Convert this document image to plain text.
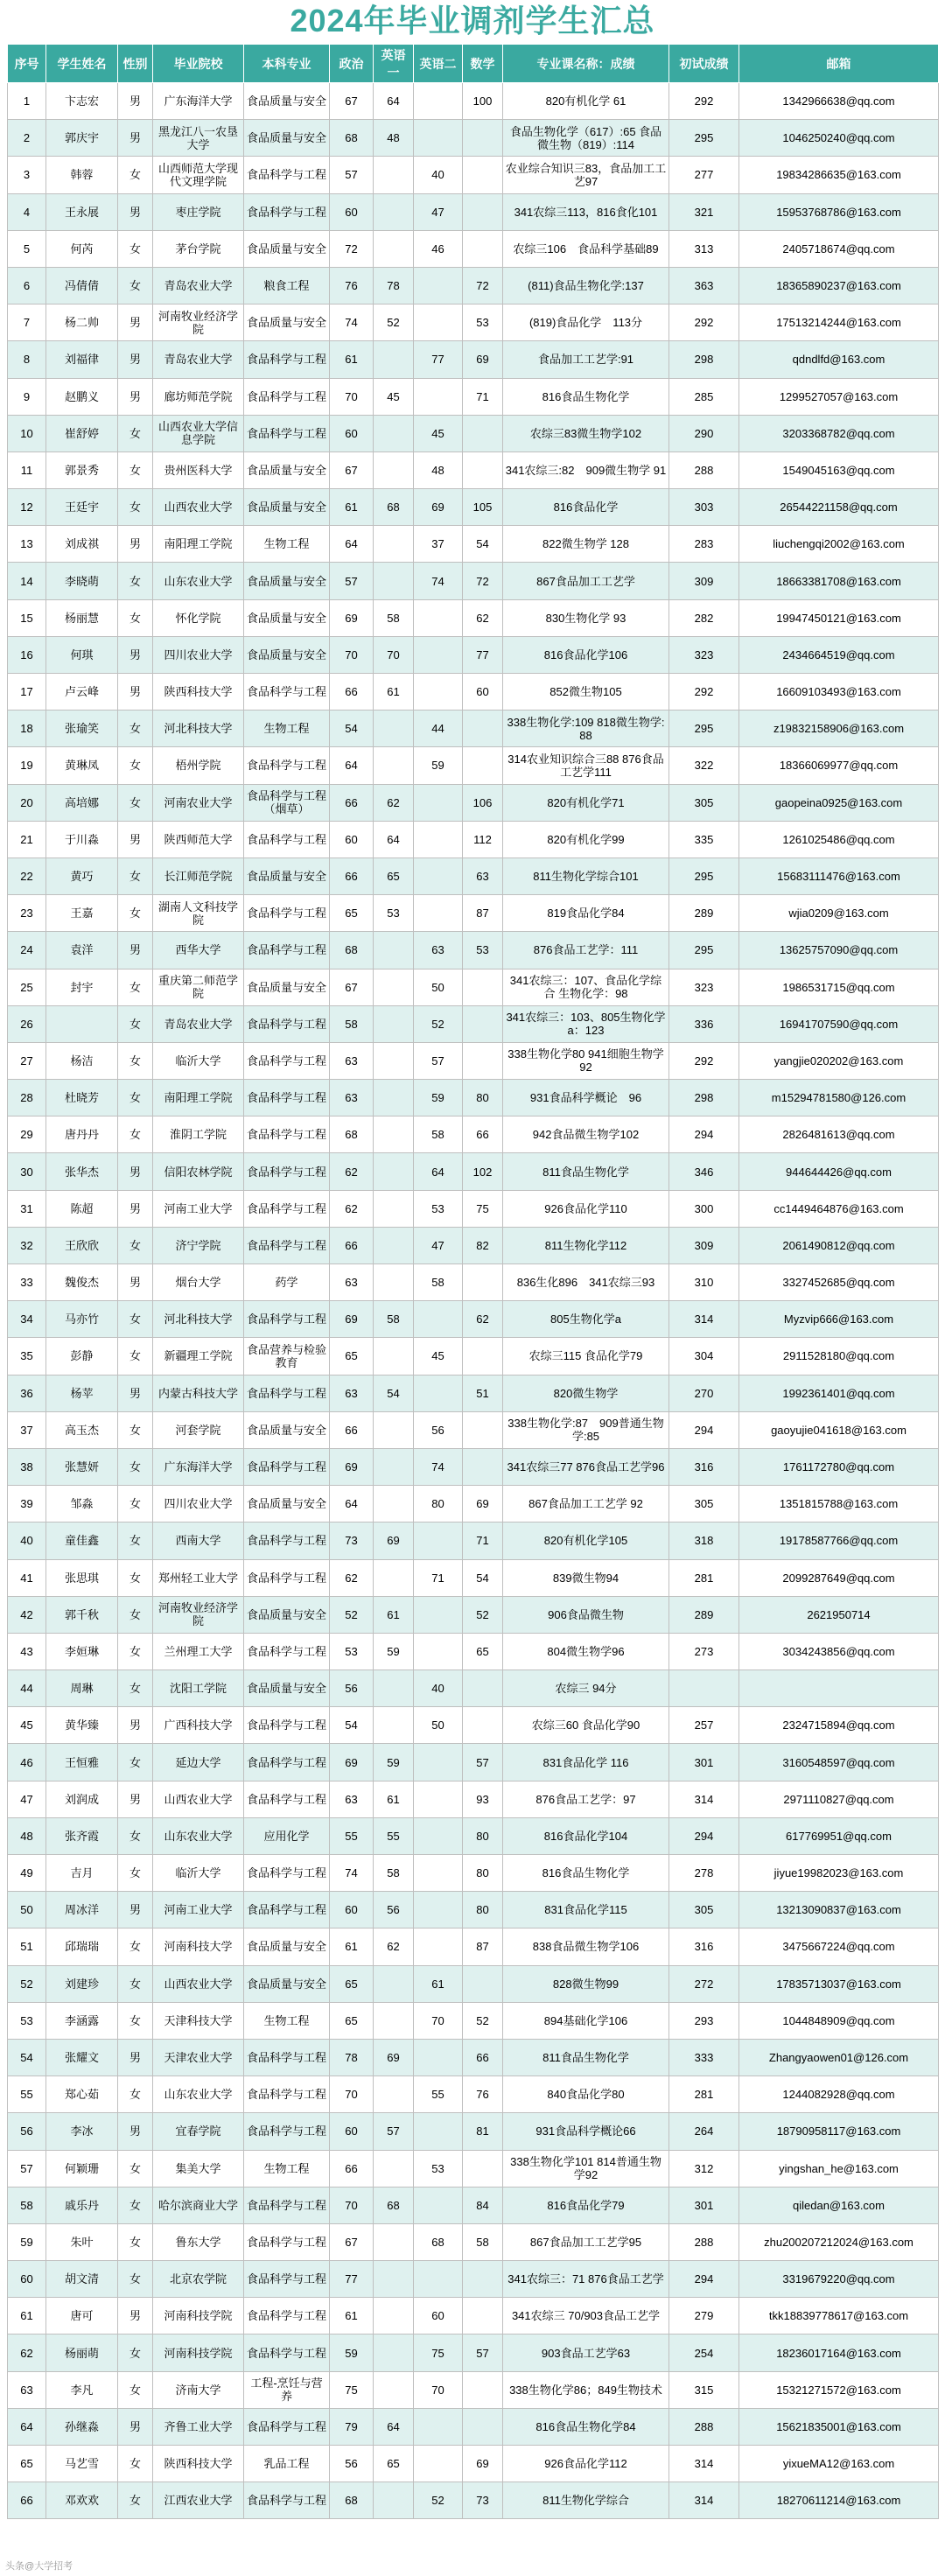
2024年毕业调剂学生汇总
序号	学生姓名	性别	毕业院校	本科专业	政治	英语一	英语二	数学	专业课名称：成绩	初试成绩	邮箱
1	卞志宏	男	广东海洋大学	食品质量与安全	67	64		100	820有机化学 61	292	1342966638@qq.com
2	郭庆宇	男	黑龙江八一农垦大学	食品质量与安全	68	48			食品生物化学（617）:65 食品微生物（819）:114	295	1046250240@qq.com
3	韩蓉	女	山西师范大学现代文理学院	食品科学与工程	57		40		农业综合知识三83，食品加工工艺97	277	19834286635@163.com
4	王永展	男	枣庄学院	食品科学与工程	60		47		341农综三113，816食化101	321	15953768786@163.com
5	何芮	女	茅台学院	食品质量与安全	72		46		农综三106　食品科学基础89	313	2405718674@qq.com
6	冯倩倩	女	青岛农业大学	粮食工程	76	78		72	(811)食品生物化学:137	363	18365890237@163.com
7	杨二帅	男	河南牧业经济学院	食品质量与安全	74	52		53	(819)食品化学　113分	292	17513214244@163.com
8	刘福律	男	青岛农业大学	食品科学与工程	61		77	69	食品加工工艺学:91	298	qdndlfd@163.com
9	赵鹏义	男	廊坊师范学院	食品科学与工程	70	45		71	816食品生物化学	285	1299527057@163.com
10	崔舒婷	女	山西农业大学信息学院	食品科学与工程	60		45		农综三83微生物学102	290	3203368782@qq.com
11	郭景秀	女	贵州医科大学	食品质量与安全	67		48		341农综三:82　909微生物学 91	288	1549045163@qq.com
12	王廷宇	女	山西农业大学	食品质量与安全	61	68	69	105	816食品化学	303	26544221158@qq.com
13	刘成祺	男	南阳理工学院	生物工程	64		37	54	822微生物学 128	283	liuchengqi2002@163.com
14	李晓萌	女	山东农业大学	食品质量与安全	57		74	72	867食品加工工艺学	309	18663381708@163.com
15	杨丽慧	女	怀化学院	食品质量与安全	69	58		62	830生物化学 93	282	19947450121@163.com
16	何琪	男	四川农业大学	食品质量与安全	70	70		77	816食品化学106	323	2434664519@qq.com
17	卢云峰	男	陕西科技大学	食品科学与工程	66	61		60	852微生物105	292	16609103493@163.com
18	张瑜笑	女	河北科技大学	生物工程	54		44		338生物化学:109 818微生物学:88	295	z19832158906@163.com
19	黄琳凤	女	梧州学院	食品科学与工程	64		59		314农业知识综合三88 876食品工艺学111	322	18366069977@qq.com
20	高培娜	女	河南农业大学	食品科学与工程（烟草）	66	62		106	820有机化学71	305	gaopeina0925@163.com
21	于川淼	男	陕西师范大学	食品科学与工程	60	64		112	820有机化学99	335	1261025486@qq.com
22	黄巧	女	长江师范学院	食品质量与安全	66	65		63	811生物化学综合101	295	15683111476@163.com
23	王嘉	女	湖南人文科技学院	食品科学与工程	65	53		87	819食品化学84	289	wjia0209@163.com
24	袁洋	男	西华大学	食品科学与工程	68		63	53	876食品工艺学：111	295	13625757090@qq.com
25	封宇	女	重庆第二师范学院	食品质量与安全	67		50		341农综三：107、食品化学综合 生物化学：98	323	1986531715@qq.com
26		女	青岛农业大学	食品科学与工程	58		52		341农综三：103、805生物化学a：123	336	16941707590@qq.com
27	杨洁	女	临沂大学	食品科学与工程	63		57		338生物化学80 941细胞生物学92	292	yangjie020202@163.com
28	杜晓芳	女	南阳理工学院	食品科学与工程	63		59	80	931食品科学概论　96	298	m15294781580@126.com
29	唐丹丹	女	淮阴工学院	食品科学与工程	68		58	66	942食品微生物学102	294	2826481613@qq.com
30	张华杰	男	信阳农林学院	食品科学与工程	62		64	102	811食品生物化学	346	944644426@qq.com
31	陈超	男	河南工业大学	食品科学与工程	62		53	75	926食品化学110	300	cc1449464876@163.com
32	王欣欣	女	济宁学院	食品科学与工程	66		47	82	811生物化学112	309	2061490812@qq.com
33	魏俊杰	男	烟台大学	药学	63		58		836生化896　341农综三93	310	3327452685@qq.com
34	马亦竹	女	河北科技大学	食品科学与工程	69	58		62	805生物化学a	314	Myzvip666@163.com
35	彭静	女	新疆理工学院	食品营养与检验教育	65		45		农综三115 食品化学79	304	2911528180@qq.com
36	杨苹	男	内蒙古科技大学	食品科学与工程	63	54		51	820微生物学	270	1992361401@qq.com
37	高玉杰	女	河套学院	食品质量与安全	66		56		338生物化学:87　909普通生物学:85	294	gaoyujie041618@163.com
38	张慧妍	女	广东海洋大学	食品科学与工程	69		74		341农综三77 876食品工艺学96	316	1761172780@qq.com
39	邹淼	女	四川农业大学	食品质量与安全	64		80	69	867食品加工工艺学 92	305	1351815788@163.com
40	童佳鑫	女	西南大学	食品科学与工程	73	69		71	820有机化学105	318	19178587766@qq.com
41	张思琪	女	郑州轻工业大学	食品科学与工程	62		71	54	839微生物94	281	2099287649@qq.com
42	郭千秋	女	河南牧业经济学院	食品质量与安全	52	61		52	906食品微生物	289	2621950714
43	李姮琳	女	兰州理工大学	食品科学与工程	53	59		65	804微生物学96	273	3034243856@qq.com
44	周琳	女	沈阳工学院	食品质量与安全	56		40		农综三 94分		
45	黄华臻	男	广西科技大学	食品科学与工程	54		50		农综三60 食品化学90	257	2324715894@qq.com
46	王恒雅	女	延边大学	食品科学与工程	69	59		57	831食品化学 116	301	3160548597@qq.com
47	刘润成	男	山西农业大学	食品科学与工程	63	61		93	876食品工艺学：97	314	2971110827@qq.com
48	张齐霞	女	山东农业大学	应用化学	55	55		80	816食品化学104	294	617769951@qq.com
49	吉月	女	临沂大学	食品科学与工程	74	58		80	816食品生物化学	278	jiyue19982023@163.com
50	周冰洋	男	河南工业大学	食品科学与工程	60	56		80	831食品化学115	305	13213090837@163.com
51	邱瑞瑞	女	河南科技大学	食品质量与安全	61	62		87	838食品微生物学106	316	3475667224@qq.com
52	刘建珍	女	山西农业大学	食品质量与安全	65		61		828微生物99	272	17835713037@163.com
53	李涵露	女	天津科技大学	生物工程	65		70	52	894基础化学106	293	1044848909@qq.com
54	张耀文	男	天津农业大学	食品科学与工程	78	69		66	811食品生物化学	333	Zhangyaowen01@126.com
55	郑心茹	女	山东农业大学	食品科学与工程	70		55	76	840食品化学80	281	1244082928@qq.com
56	李冰	男	宜春学院	食品科学与工程	60	57		81	931食品科学概论66	264	18790958117@163.com
57	何颖珊	女	集美大学	生物工程	66		53		338生物化学101 814普通生物学92	312	yingshan_he@163.com
58	戚乐丹	女	哈尔滨商业大学	食品科学与工程	70	68		84	816食品化学79	301	qiledan@163.com
59	朱叶	女	鲁东大学	食品科学与工程	67		68	58	867食品加工工艺学95	288	zhu200207212024@163.com
60	胡文清	女	北京农学院	食品科学与工程	77				341农综三：71 876食品工艺学	294	3319679220@qq.com
61	唐可	男	河南科技学院	食品科学与工程	61		60		341农综三 70/903食品工艺学	279	tkk18839778617@163.com
62	杨丽萌	女	河南科技学院	食品科学与工程	59		75	57	903食品工艺学63	254	18236017164@163.com
63	李凡	女	济南大学	工程-烹饪与营养	75		70		338生物化学86；849生物技术	315	15321271572@163.com
64	孙继淼	男	齐鲁工业大学	食品科学与工程	79	64			816食品生物化学84	288	15621835001@163.com
65	马艺雪	女	陕西科技大学	乳品工程	56	65		69	926食品化学112	314	yixueMA12@163.com
66	邓欢欢	女	江西农业大学	食品科学与工程	68		52	73	811生物化学综合	314	18270611214@163.com
头条@大学招考
